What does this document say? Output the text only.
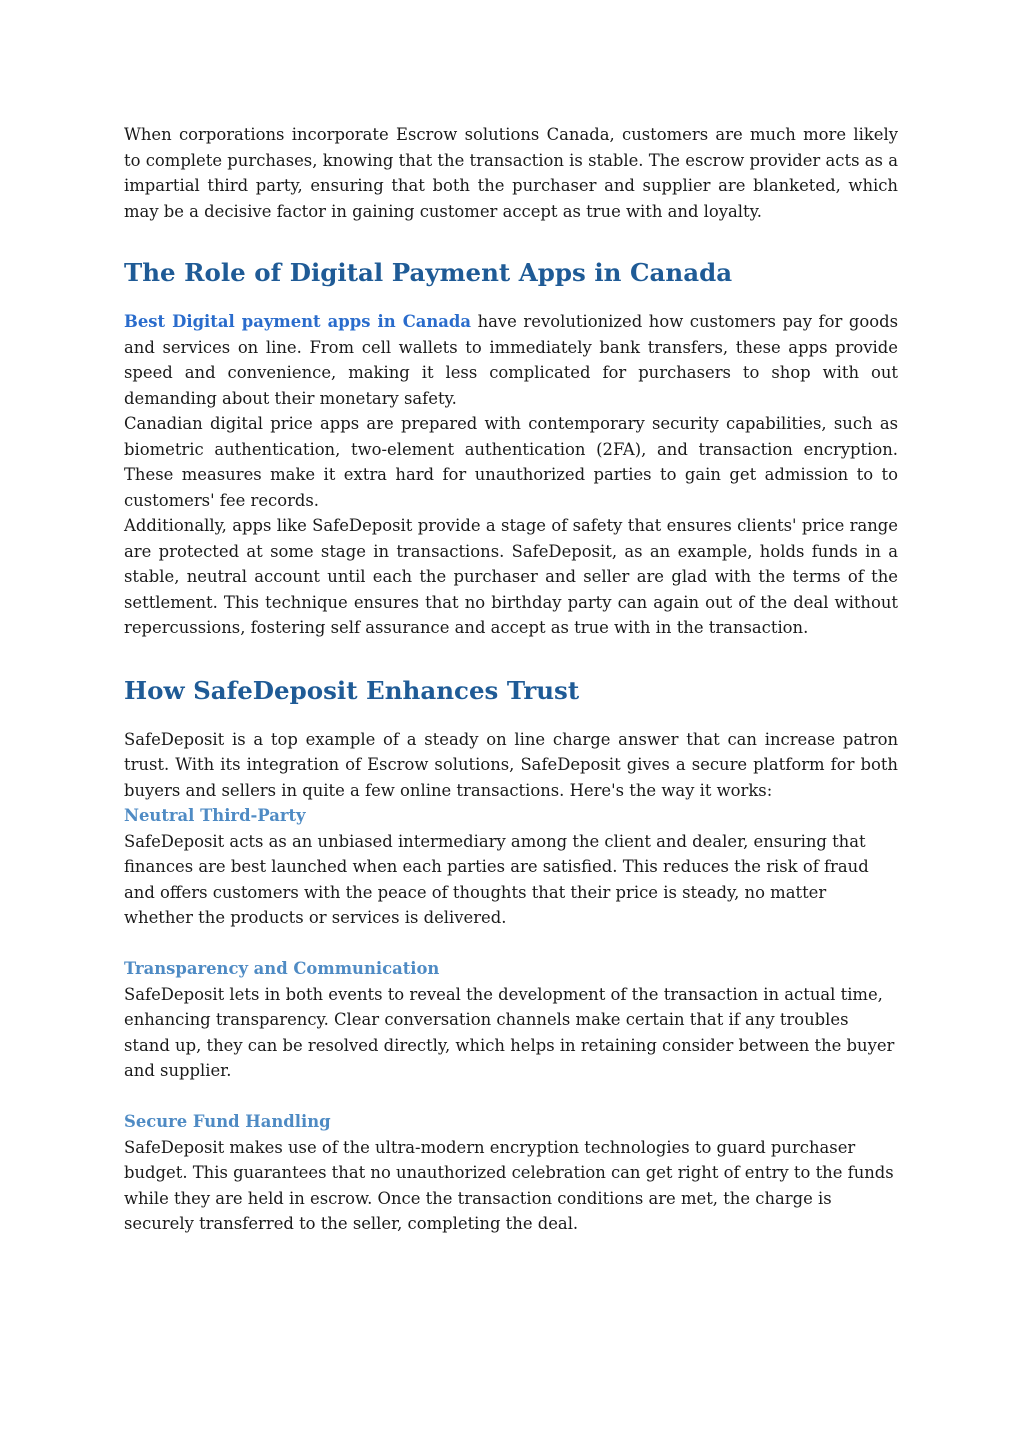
When corporations incorporate Escrow solutions Canada, customers are much more likely to complete purchases, knowing that the transaction is stable. The escrow provider acts as a impartial third party, ensuring that both the purchaser and supplier are blanketed, which may be a decisive factor in gaining customer accept as true with and loyalty.

The Role of Digital Payment Apps in Canada

Best Digital payment apps in Canada have revolutionized how customers pay for goods and services on line. From cell wallets to immediately bank transfers, these apps provide speed and convenience, making it less complicated for purchasers to shop with out demanding about their monetary safety.

Canadian digital price apps are prepared with contemporary security capabilities, such as biometric authentication, two-element authentication (2FA), and transaction encryption. These measures make it extra hard for unauthorized parties to gain get admission to to customers' fee records.

Additionally, apps like SafeDeposit provide a stage of safety that ensures clients' price range are protected at some stage in transactions. SafeDeposit, as an example, holds funds in a stable, neutral account until each the purchaser and seller are glad with the terms of the settlement. This technique ensures that no birthday party can again out of the deal without repercussions, fostering self assurance and accept as true with in the transaction.

How SafeDeposit Enhances Trust

SafeDeposit is a top example of a steady on line charge answer that can increase patron trust. With its integration of Escrow solutions, SafeDeposit gives a secure platform for both buyers and sellers in quite a few online transactions. Here's the way it works:

Neutral Third-Party

SafeDeposit acts as an unbiased intermediary among the client and dealer, ensuring that finances are best launched when each parties are satisfied. This reduces the risk of fraud and offers customers with the peace of thoughts that their price is steady, no matter whether the products or services is delivered.

Transparency and Communication

SafeDeposit lets in both events to reveal the development of the transaction in actual time, enhancing transparency. Clear conversation channels make certain that if any troubles stand up, they can be resolved directly, which helps in retaining consider between the buyer and supplier.

Secure Fund Handling

SafeDeposit makes use of the ultra-modern encryption technologies to guard purchaser budget. This guarantees that no unauthorized celebration can get right of entry to the funds while they are held in escrow. Once the transaction conditions are met, the charge is securely transferred to the seller, completing the deal.
